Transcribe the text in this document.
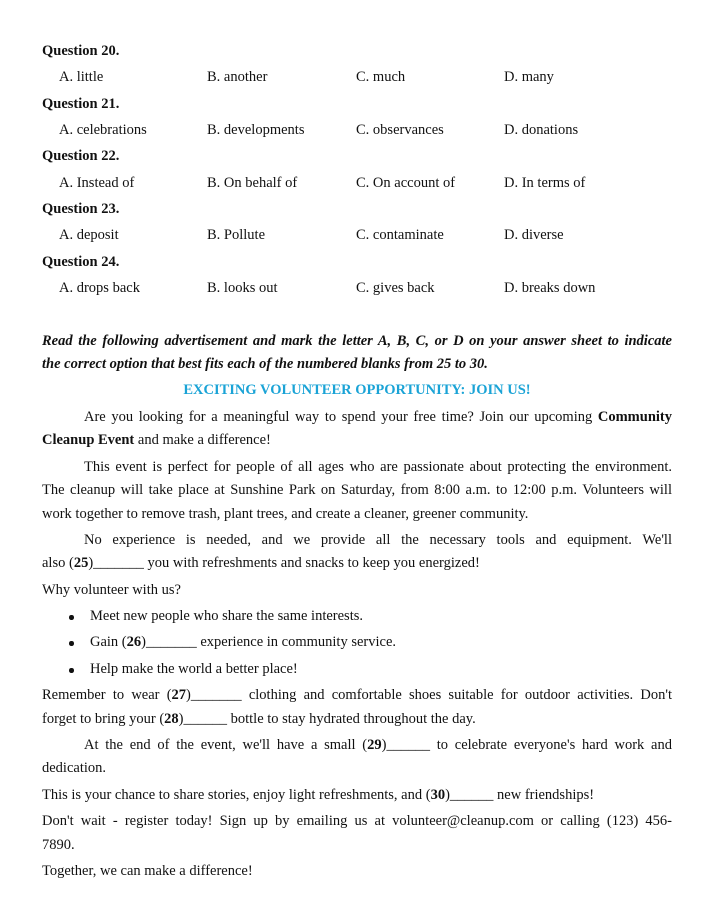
Question 20.
A. little	B. another	C. much	D. many
Question 21.
A. celebrations	B. developments	C. observances	D. donations
Question 22.
A. Instead of	B. On behalf of	C. On account of	D. In terms of
Question 23.
A. deposit	B. Pollute	C. contaminate	D. diverse
Question 24.
A. drops back	B. looks out	C. gives back	D. breaks down
Read the following advertisement and mark the letter A, B, C, or D on your answer sheet to indicate
the correct option that best fits each of the numbered blanks from 25 to 30.
EXCITING VOLUNTEER OPPORTUNITY: JOIN US!
Are you looking for a meaningful way to spend your free time? Join our upcoming Community
Cleanup Event and make a difference!
This event is perfect for people of all ages who are passionate about protecting the environment.
The cleanup will take place at Sunshine Park on Saturday, from 8:00 a.m. to 12:00 p.m. Volunteers will
work together to remove trash, plant trees, and create a cleaner, greener community.
No experience is needed, and we provide all the necessary tools and equipment. We'll
also (25)_______ you with refreshments and snacks to keep you energized!
Why volunteer with us?
Meet new people who share the same interests.
Gain (26)_______ experience in community service.
Help make the world a better place!
Remember to wear (27)_______ clothing and comfortable shoes suitable for outdoor activities. Don't
forget to bring your (28)______ bottle to stay hydrated throughout the day.
At the end of the event, we'll have a small (29)______ to celebrate everyone's hard work and
dedication.
This is your chance to share stories, enjoy light refreshments, and (30)______ new friendships!
Don't wait - register today! Sign up by emailing us at volunteer@cleanup.com or calling (123) 456-
7890.
Together, we can make a difference!
